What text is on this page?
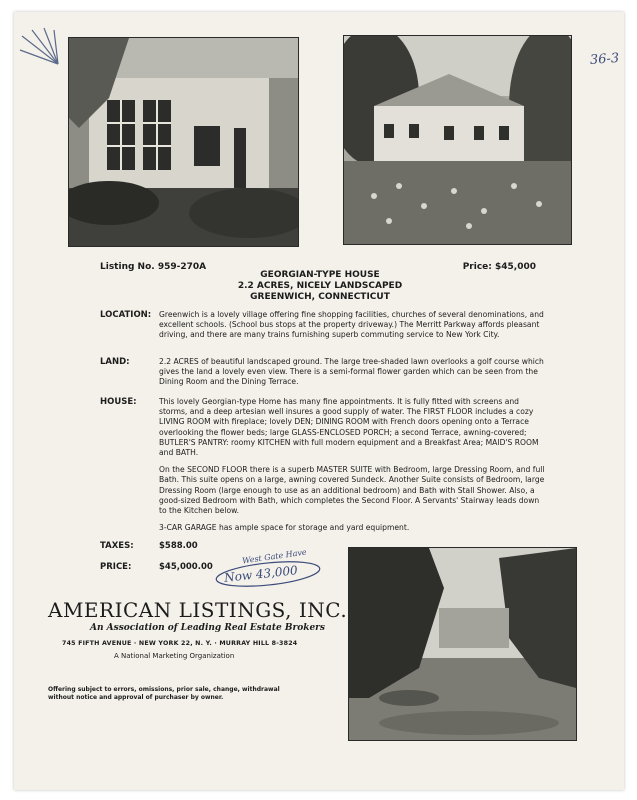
36-3
Listing No. 959-270A	Price: $45,000
GEORGIAN-TYPE HOUSE
2.2 ACRES, NICELY LANDSCAPED
GREENWICH, CONNECTICUT
LOCATION: Greenwich is a lovely village offering fine shopping facilities, churches of several denominations, and excellent schools. (School bus stops at the property driveway.) The Merritt Parkway affords pleasant driving, and there are many trains furnishing superb commuting service to New York City.
LAND:	2.2 ACRES of beautiful landscaped ground. The large tree-shaded lawn overlooks a golf course which gives the land a lovely even view. There is a semi-formal flower garden which can be seen from the Dining Room and the Dining Terrace.
HOUSE:	This lovely Georgian-type Home has many fine appointments. It is fully fitted with screens and storms, and a deep artesian well insures a good supply of water. The FIRST FLOOR includes a cozy LIVING ROOM with fireplace; lovely DEN; DINING ROOM with French doors opening onto a Terrace overlooking the flower beds; large GLASS-ENCLOSED PORCH; a second Terrace, awning-covered; BUTLER'S PANTRY: roomy KITCHEN with full modern equipment and a Breakfast Area; MAID'S ROOM and BATH.

On the SECOND FLOOR there is a superb MASTER SUITE with Bedroom, large Dressing Room, and full Bath. This suite opens on a large, awning covered Sundeck. Another Suite consists of Bedroom, large Dressing Room (large enough to use as an additional bedroom) and Bath with Stall Shower. Also, a good-sized Bedroom with Bath, which completes the Second Floor. A Servants' Stairway leads down to the Kitchen below.

3-CAR GARAGE has ample space for storage and yard equipment.

TAXES:	$588.00
PRICE:	$45,000.00
West Gate Have
Now 43,000
AMERICAN LISTINGS, INC.
An Association of Leading Real Estate Brokers
745 FIFTH AVENUE · NEW YORK 22, N. Y. · MURRAY HILL 8-3824
A National Marketing Organization
Offering subject to errors, omissions, prior sale, change, withdrawal without notice and approval of purchaser by owner.
